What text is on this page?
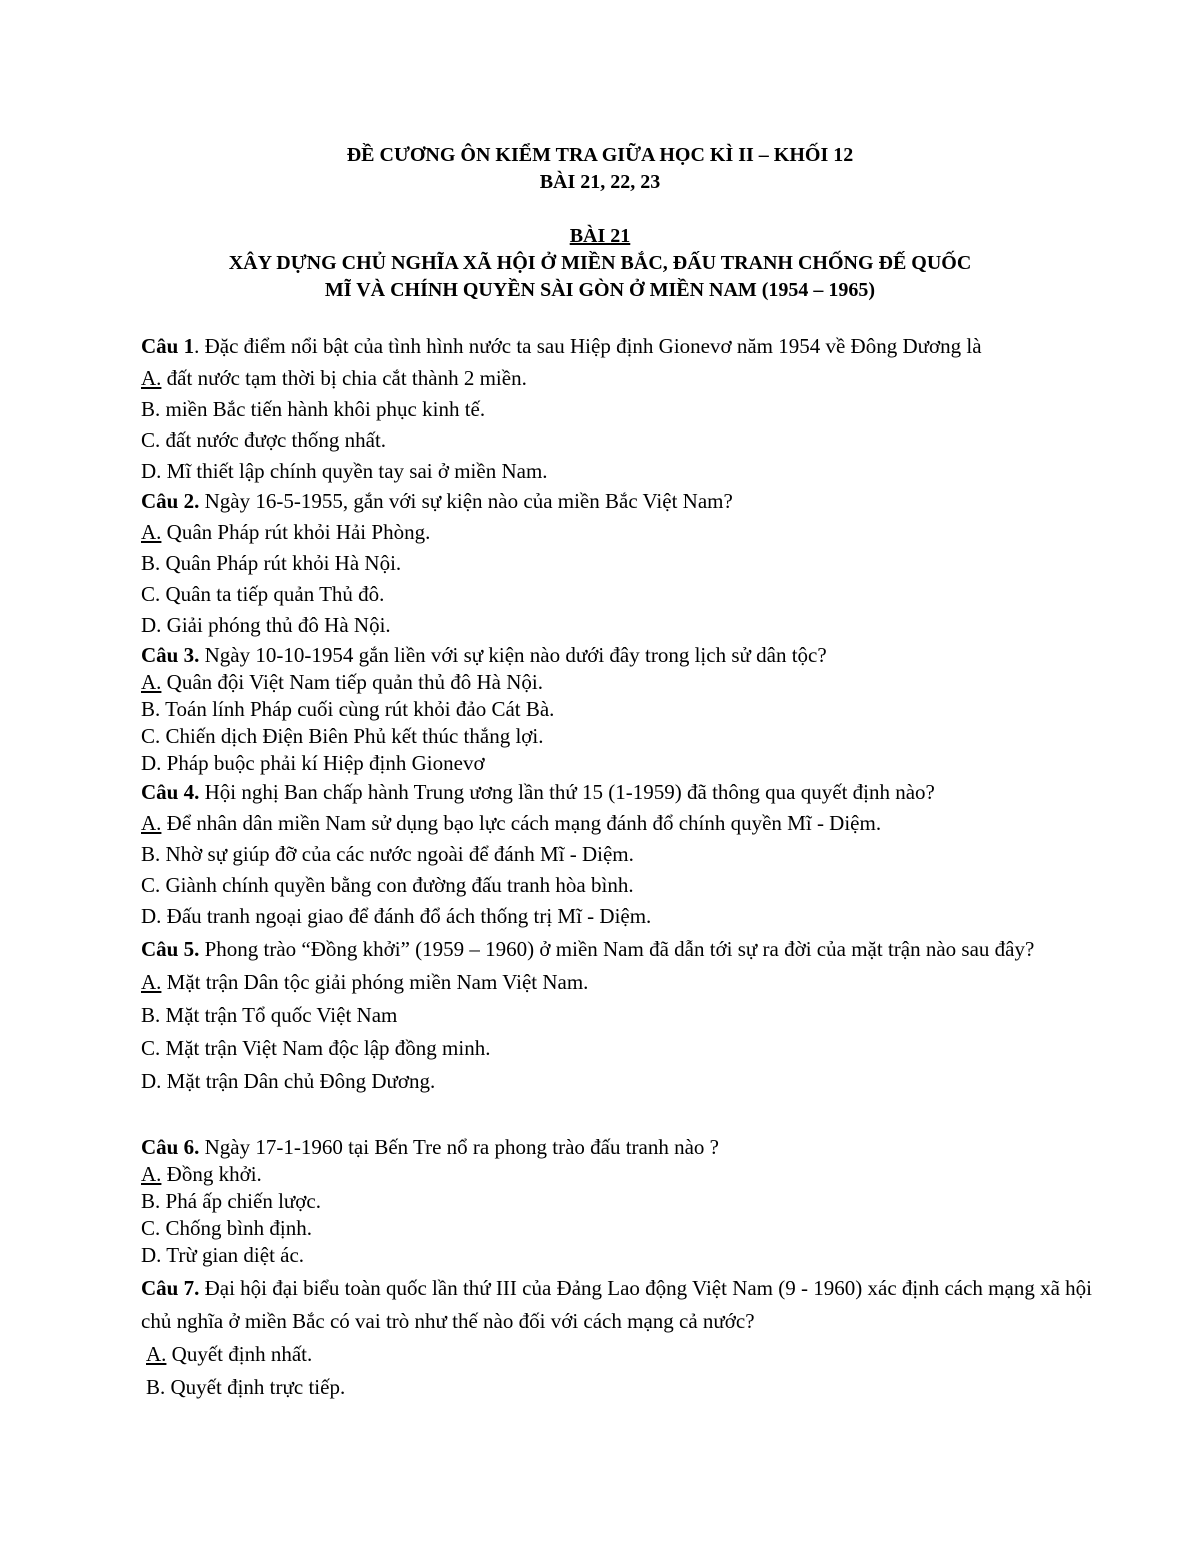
ĐỀ CƯƠNG ÔN KIỂM TRA GIỮA HỌC KÌ II – KHỐI 12
BÀI 21, 22, 23
BÀI 21
XÂY DỰNG CHỦ NGHĨA XÃ HỘI Ở MIỀN BẮC, ĐẤU TRANH CHỐNG ĐẾ QUỐC
MĨ VÀ CHÍNH QUYỀN SÀI GÒN Ở MIỀN NAM (1954 – 1965)
Câu 1. Đặc điểm nổi bật của tình hình nước ta sau Hiệp định Gionevơ năm 1954 về Đông Dương là
A. đất nước tạm thời bị chia cắt thành 2 miền.
B. miền Bắc tiến hành khôi phục kinh tế.
C. đất nước được thống nhất.
D. Mĩ thiết lập chính quyền tay sai ở miền Nam.
Câu 2. Ngày 16-5-1955, gắn với sự kiện nào của miền Bắc Việt Nam?
A. Quân Pháp rút khỏi Hải Phòng.
B. Quân Pháp rút khỏi Hà Nội.
C. Quân ta tiếp quản Thủ đô.
D. Giải phóng thủ đô Hà Nội.
Câu 3. Ngày 10-10-1954 gắn liền với sự kiện nào dưới đây trong lịch sử dân tộc?
A. Quân đội Việt Nam tiếp quản thủ đô Hà Nội.
B. Toán lính Pháp cuối cùng rút khỏi đảo Cát Bà.
C. Chiến dịch Điện Biên Phủ kết thúc thắng lợi.
D. Pháp buộc phải kí Hiệp định Gionevơ
Câu 4. Hội nghị Ban chấp hành Trung ương lần thứ 15 (1-1959) đã thông qua quyết định nào?
A. Để nhân dân miền Nam sử dụng bạo lực cách mạng đánh đổ chính quyền Mĩ - Diệm.
B. Nhờ sự giúp đỡ của các nước ngoài để đánh Mĩ - Diệm.
C. Giành chính quyền bằng con đường đấu tranh hòa bình.
D. Đấu tranh ngoại giao để đánh đổ ách thống trị Mĩ - Diệm.
Câu 5. Phong trào “Đồng khởi” (1959 – 1960) ở miền Nam đã dẫn tới sự ra đời của mặt trận nào sau đây?
A. Mặt trận Dân tộc giải phóng miền Nam Việt Nam.
B. Mặt trận Tổ quốc Việt Nam
C. Mặt trận Việt Nam độc lập đồng minh.
D. Mặt trận Dân chủ Đông Dương.
Câu 6. Ngày 17-1-1960 tại Bến Tre nổ ra phong trào đấu tranh nào ?
A. Đồng khởi.
B. Phá ấp chiến lược.
C. Chống bình định.
D. Trừ gian diệt ác.
Câu 7. Đại hội đại biểu toàn quốc lần thứ III của Đảng Lao động Việt Nam (9 - 1960) xác định cách mạng xã hội chủ nghĩa ở miền Bắc có vai trò như thế nào đối với cách mạng cả nước?
A. Quyết định nhất.
B. Quyết định trực tiếp.
